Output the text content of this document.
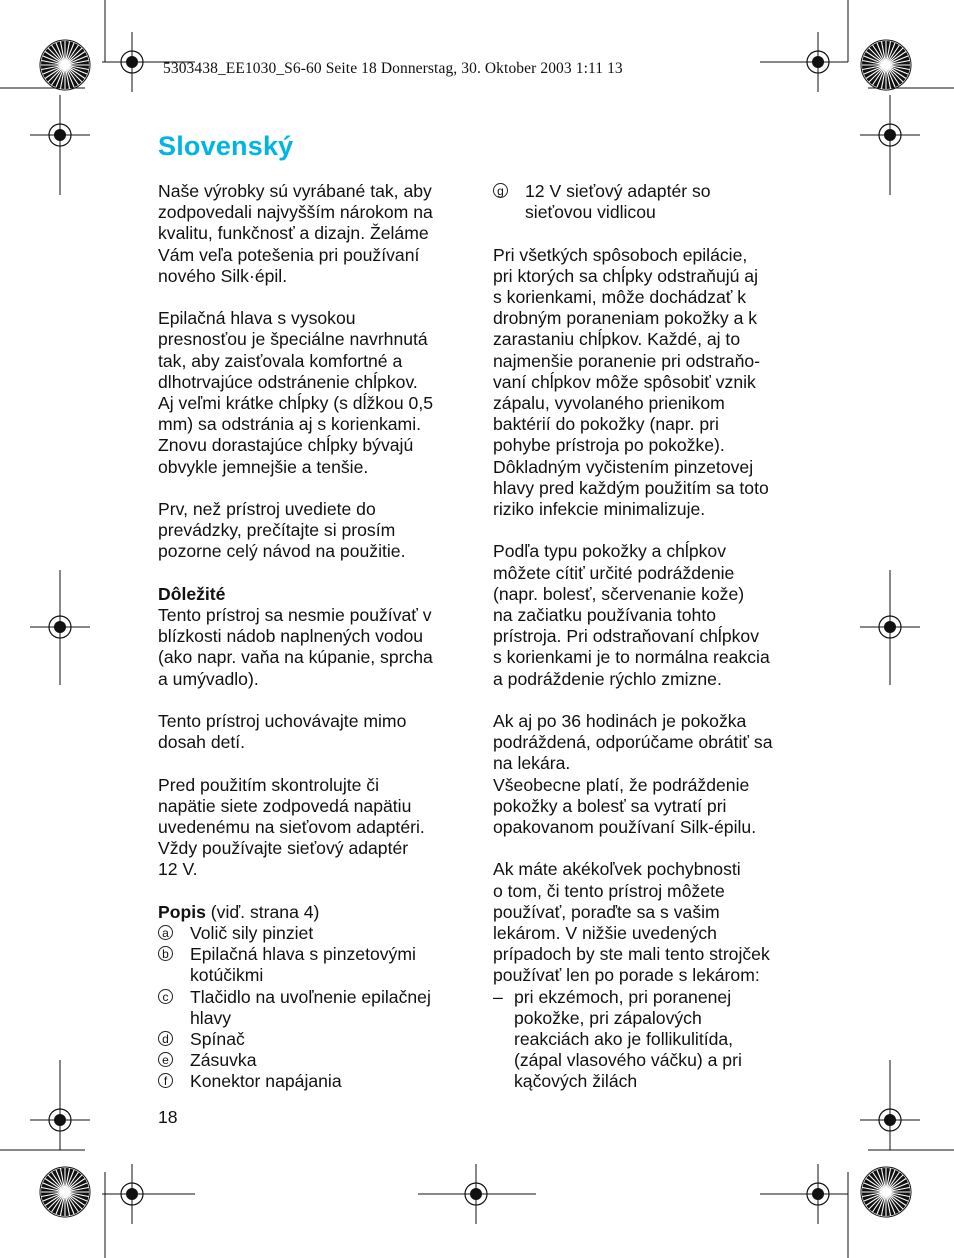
5303438_EE1030_S6-60 Seite 18 Donnerstag, 30. Oktober 2003 1:11 13
Slovenský

Naše výrobky sú vyrábané tak, aby
zodpovedali najvyšším nárokom na
kvalitu, funkčnosť a dizajn. Želáme
Vám veľa potešenia pri používaní
nového Silk·épil.

Epilačná hlava s vysokou
presnosťou je špeciálne navrhnutá
tak, aby zaisťovala komfortné a
dlhotrvajúce odstránenie chĺpkov.
Aj veľmi krátke chĺpky (s dĺžkou 0,5
mm) sa odstránia aj s korienkami.
Znovu dorastajúce chĺpky bývajú
obvykle jemnejšie a tenšie.

Prv, než prístroj uvediete do
prevádzky, prečítajte si prosím
pozorne celý návod na použitie.

Dôležité
Tento prístroj sa nesmie používať v
blízkosti nádob naplnených vodou
(ako napr. vaňa na kúpanie, sprcha
a umývadlo).

Tento prístroj uchovávajte mimo
dosah detí.

Pred použitím skontrolujte či
napätie siete zodpovedá napätiu
uvedenému na sieťovom adaptéri.
Vždy používajte sieťový adaptér
12 V.

Popis (viď. strana 4)

a Volič sily pinziet
b Epilačná hlava s pinzetovými
kotúčikmi
c Tlačidlo na uvoľnenie epilačnej
hlavy
d Spínač
e Zásuvka
f	Konektor napájania
g 12 V sieťový adaptér so
sieťovou vidlicou

Pri všetkých spôsoboch epilácie,
pri ktorých sa chĺpky odstraňujú aj
s korienkami, môže dochádzať k
drobným poraneniam pokožky a k
zarastaniu chĺpkov. Každé, aj to
najmenšie poranenie pri odstraňo-
vaní chĺpkov môže spôsobiť vznik
zápalu, vyvolaného prienikom
baktérií do pokožky (napr. pri
pohybe prístroja po pokožke).
Dôkladným vyčistením pinzetovej
hlavy pred každým použitím sa toto
riziko infekcie minimalizuje.

Podľa typu pokožky a chĺpkov
môžete cítiť určité podráždenie
(napr. bolesť, sčervenanie kože)
na začiatku používania tohto
prístroja. Pri odstraňovaní chĺpkov
s korienkami je to normálna reakcia
a podráždenie rýchlo zmizne.

Ak aj po 36 hodinách je pokožka
podráždená, odporúčame obrátiť sa
na lekára.
Všeobecne platí, že podráždenie
pokožky a bolesť sa vytratí pri
opakovanom používaní Silk-épilu.

Ak máte akékoľvek pochybnosti
o tom, či tento prístroj môžete
používať, poraďte sa s vašim
lekárom. V nižšie uvedených
prípadoch by ste mali tento strojček
používať len po porade s lekárom:

– pri ekzémoch, pri poranenej
pokožke, pri zápalových
reakciách ako je follikulitída,
(zápal vlasového váčku) a pri
kąčových žilách
18
